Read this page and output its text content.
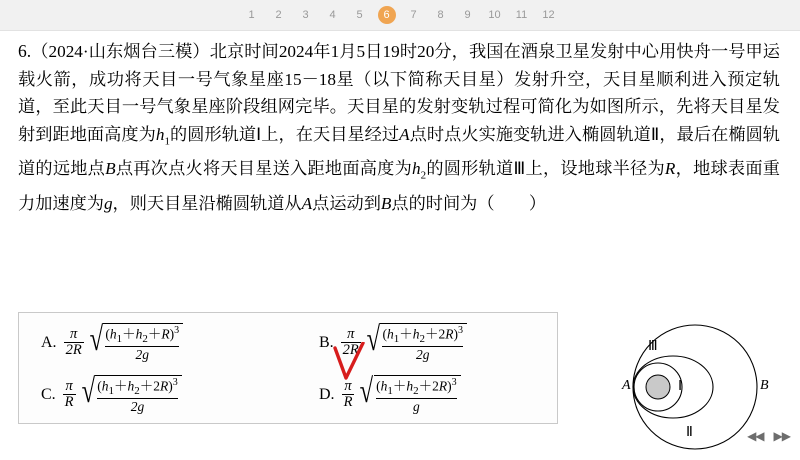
1	2	3	4	5	6	7	8	9	10 11 12
6.（2024·山东烟台三模）北京时间2024年1月5日19时20分，我国在酒泉卫星发射中心用快舟一号甲运载火箭，成功将天目一号气象星座15－18星（以下简称天目星）发射升空，天目星顺利进入预定轨道，至此天目一号气象星座阶段组网完毕。天目星的发射变轨过程可简化为如图所示，先将天目星发射到距地面高度为$h_1$的圆形轨道Ⅰ上，在天目星经过A点时点火实施变轨进入椭圆轨道Ⅱ，最后在椭圆轨道的远地点B点再次点火将天目星送入距地面高度为$h_2$的圆形轨道Ⅲ上，设地球半径为R，地球表面重力加速度为g，则天目星沿椭圆轨道从A点运动到B点的时间为（　　）
A. $\frac{\pi}{2R}$ √ $\frac{(h_1+h_2+R)^3}{2g}$	B. $\frac{\pi}{2R}$ √ $\frac{(h_1+h_2+2R)^3}{2g}$
C. $\frac{\pi}{R}$ √ $\frac{(h_1+h_2+2R)^3}{2g}$	D. $\frac{\pi}{R}$ √ $\frac{(h_1+h_2+2R)^3}{g}$
Ⅲ
Ⅰ
Ⅱ
A	B
◀◀ ▶▶
